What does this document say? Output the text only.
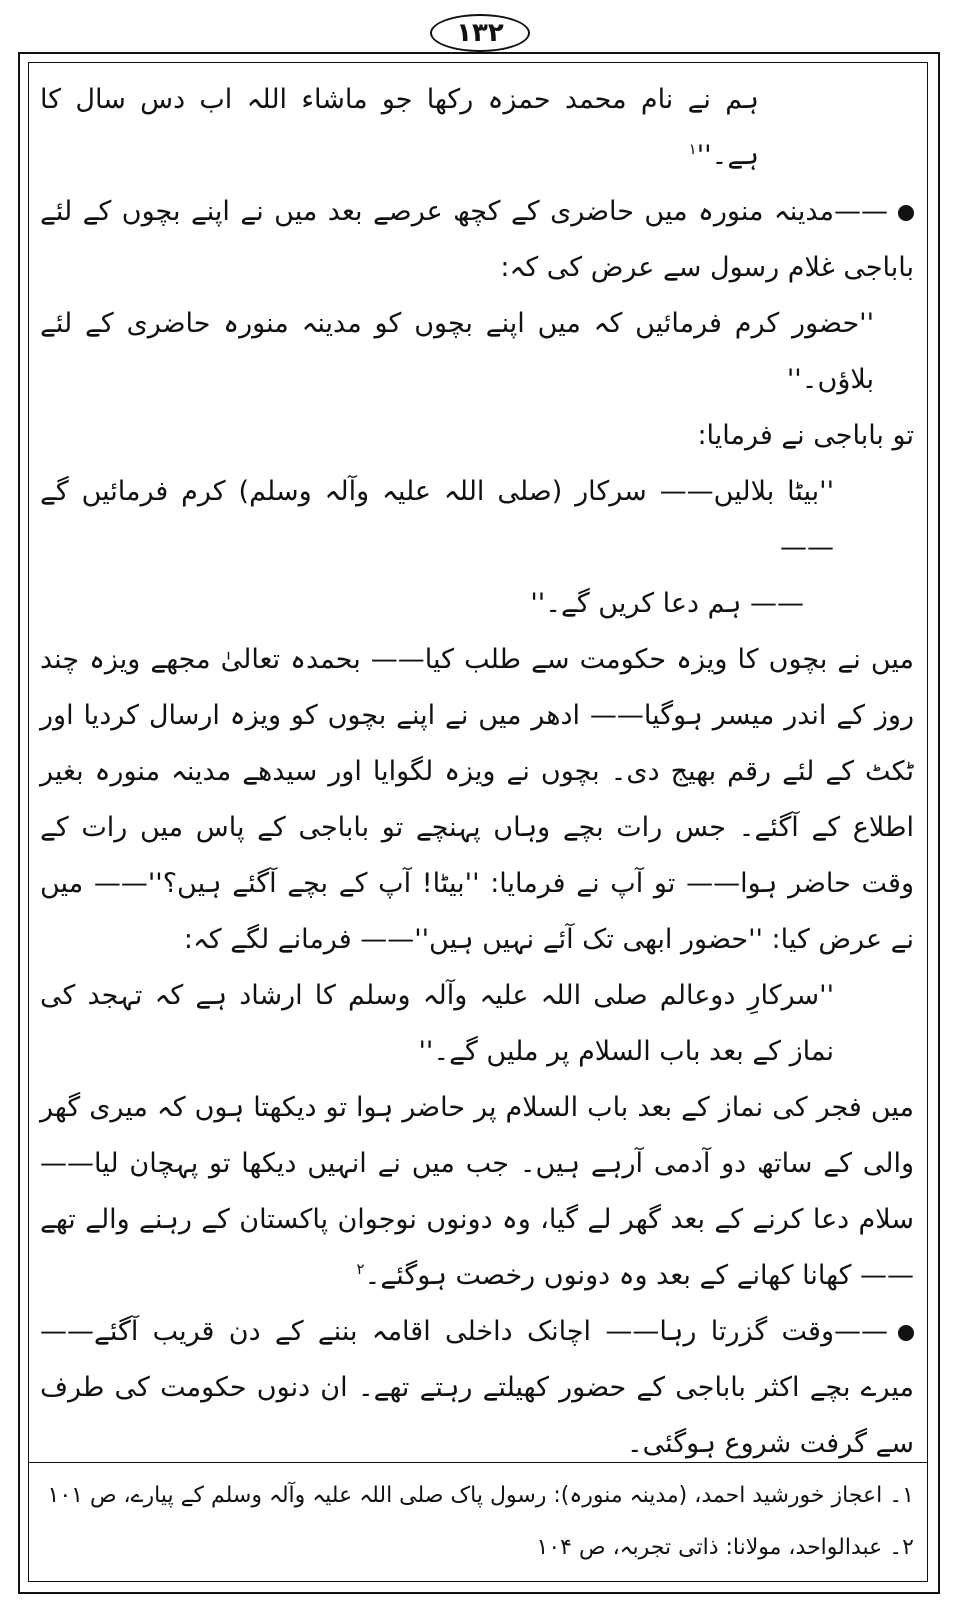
۱۳۲

ہم نے نام محمد حمزہ رکھا جو ماشاء اللہ اب دس سال کا $ہے۔''^۱$

——مدینہ منورہ میں حاضری کے کچھ عرصے بعد میں نے اپنے بچوں کے لئے باباجی غلام رسول سے عرض کی کہ:

''حضور کرم فرمائیں کہ میں اپنے بچوں کو مدینہ منورہ حاضری کے لئے بلاؤں۔''

تو باباجی نے فرمایا:

''بیٹا بلالیں—— سرکار (صلی اللہ علیہ وآلہ وسلم) کرم فرمائیں گے ——

—— ہم دعا کریں گے۔''

میں نے بچوں کا ویزہ حکومت سے طلب کیا—— بحمدہ تعالیٰ مجھے ویزہ چند روز کے اندر میسر ہوگیا—— ادھر میں نے اپنے بچوں کو ویزہ ارسال کردیا اور ٹکٹ کے لئے رقم بھیج دی۔ بچوں نے ویزہ لگوایا اور سیدھے مدینہ منورہ بغیر اطلاع کے آگئے۔ جس رات بچے وہاں پہنچے تو باباجی کے پاس میں رات کے وقت حاضر ہوا—— تو آپ نے فرمایا: ''بیٹا! آپ کے بچے آگئے ہیں؟''—— میں نے عرض کیا: ''حضور ابھی تک آئے نہیں ہیں''—— فرمانے لگے کہ:

''سرکارِ دوعالم صلی اللہ علیہ وآلہ وسلم کا ارشاد ہے کہ تہجد کی نماز کے بعد باب السلام پر ملیں گے۔''

میں فجر کی نماز کے بعد باب السلام پر حاضر ہوا تو دیکھتا ہوں کہ میری گھر والی کے ساتھ دو آدمی آرہے ہیں۔ جب میں نے انہیں دیکھا تو پہچان لیا—— سلام دعا کرنے کے بعد گھر لے گیا، وہ دونوں نوجوان پاکستان کے رہنے والے تھے—— کھانا کھانے کے بعد وہ دونوں رخصت ہوگئے۔$^۲$

——وقت گزرتا رہا—— اچانک داخلی اقامہ بننے کے دن قریب آگئے—— میرے بچے اکثر باباجی کے حضور کھیلتے رہتے تھے۔ ان دنوں حکومت کی طرف سے گرفت شروع ہوگئی۔

۱۔ اعجاز خورشید احمد، (مدینہ منورہ): رسول پاک صلی اللہ علیہ وآلہ وسلم کے پیارے، ص ۱۰۱

۲۔ عبدالواحد، مولانا: ذاتی تجربہ، ص ۱۰۴
